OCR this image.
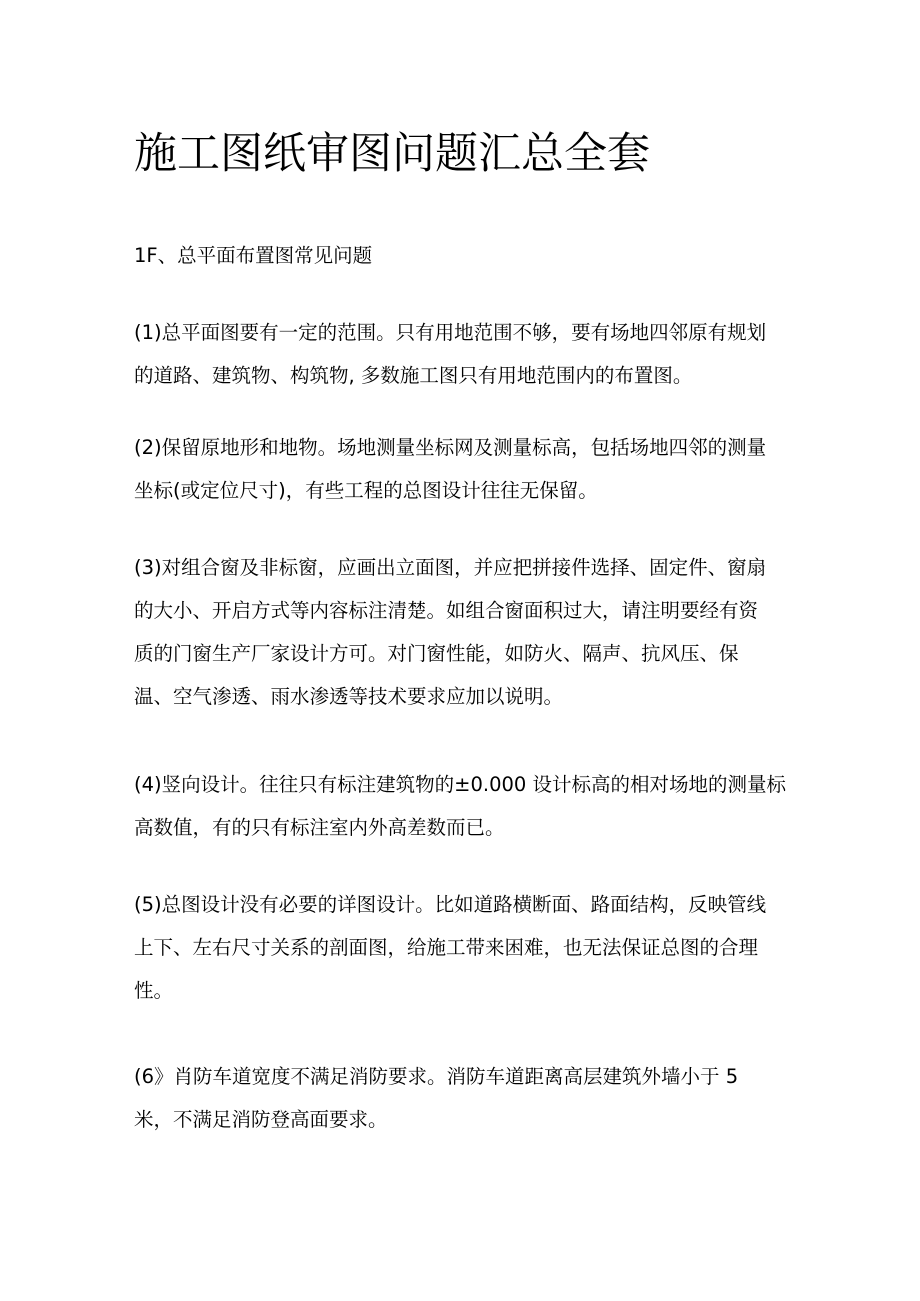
施工图纸审图问题汇总全套
1F、总平面布置图常见问题

(1)总平面图要有一定的范围。只有用地范围不够，要有场地四邻原有规划
的道路、建筑物、构筑物, 多数施工图只有用地范围内的布置图。

(2)保留原地形和地物。场地测量坐标网及测量标高，包括场地四邻的测量
坐标(或定位尺寸)，有些工程的总图设计往往无保留。

(3)对组合窗及非标窗，应画出立面图，并应把拼接件选择、固定件、窗扇
的大小、开启方式等内容标注清楚。如组合窗面积过大，请注明要经有资
质的门窗生产厂家设计方可。对门窗性能，如防火、隔声、抗风压、保
温、空气渗透、雨水渗透等技术要求应加以说明。

(4)竖向设计。往往只有标注建筑物的±0.000 设计标高的相对场地的测量标
高数值，有的只有标注室内外高差数而已。

(5)总图设计没有必要的详图设计。比如道路横断面、路面结构，反映管线
上下、左右尺寸关系的剖面图，给施工带来困难，也无法保证总图的合理
性。

(6》肖防车道宽度不满足消防要求。消防车道距离高层建筑外墙小于 5
米，不满足消防登高面要求。
